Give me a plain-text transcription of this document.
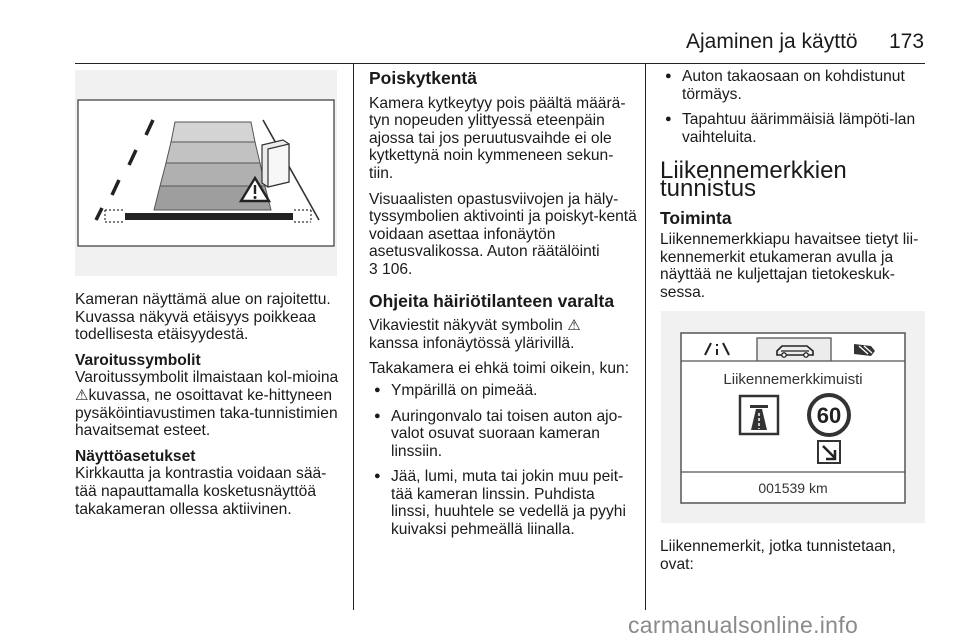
Ajaminen ja käyttö 173

Kameran näyttämä alue on rajoitettu. Kuvassa näkyvä etäisyys poikkeaa todellisesta etäisyydestä.

Varoitussymbolit

Varoitussymbolit ilmaistaan kol-mioina ⚠kuvassa, ne osoittavat ke-hittyneen pysäköintiavustimen taka-tunnistimien havaitsemat esteet.

Näyttöasetukset

Kirkkautta ja kontrastia voidaan sää-tää napauttamalla kosketusnäyttöä takakameran ollessa aktiivinen.

Poiskytkentä

Kamera kytkeytyy pois päältä määrä-tyn nopeuden ylittyessä eteenpäin ajossa tai jos peruutusvaihde ei ole kytkettynä noin kymmeneen sekun-tiin.

Visuaalisten opastusviivojen ja häly-tyssymbolien aktivointi ja poiskyt-kentä voidaan asettaa infonäytön asetusvalikossa. Auton räätälöinti
3 106.

Ohjeita häiriötilanteen varalta

Vikaviestit näkyvät symbolin ⚠
kanssa infonäytössä ylärivillä.

Takakamera ei ehkä toimi oikein, kun:

● Ympärillä on pimeää.
● Auringonvalo tai toisen auton ajo-valot osuvat suoraan kameran linssiin.
● Jää, lumi, muta tai jokin muu peit-tää kameran linssin. Puhdista linssi, huuhtele se vedellä ja pyyhi kuivaksi pehmeällä liinalla.
● Auton takaosaan on kohdistunut törmäys.
● Tapahtuu äärimmäisiä lämpöti-lan vaihteluita.
Liikennemerkkien tunnistus
Toiminta

Liikennemerkkiapu havaitsee tietyt lii-kennemerkit etukameran avulla ja näyttää ne kuljettajan tietokeskuk-sessa.

Liikennemerkkimuisti
60
001539 km

Liikennemerkit, jotka tunnistetaan, ovat:

carmanualsonline.info
